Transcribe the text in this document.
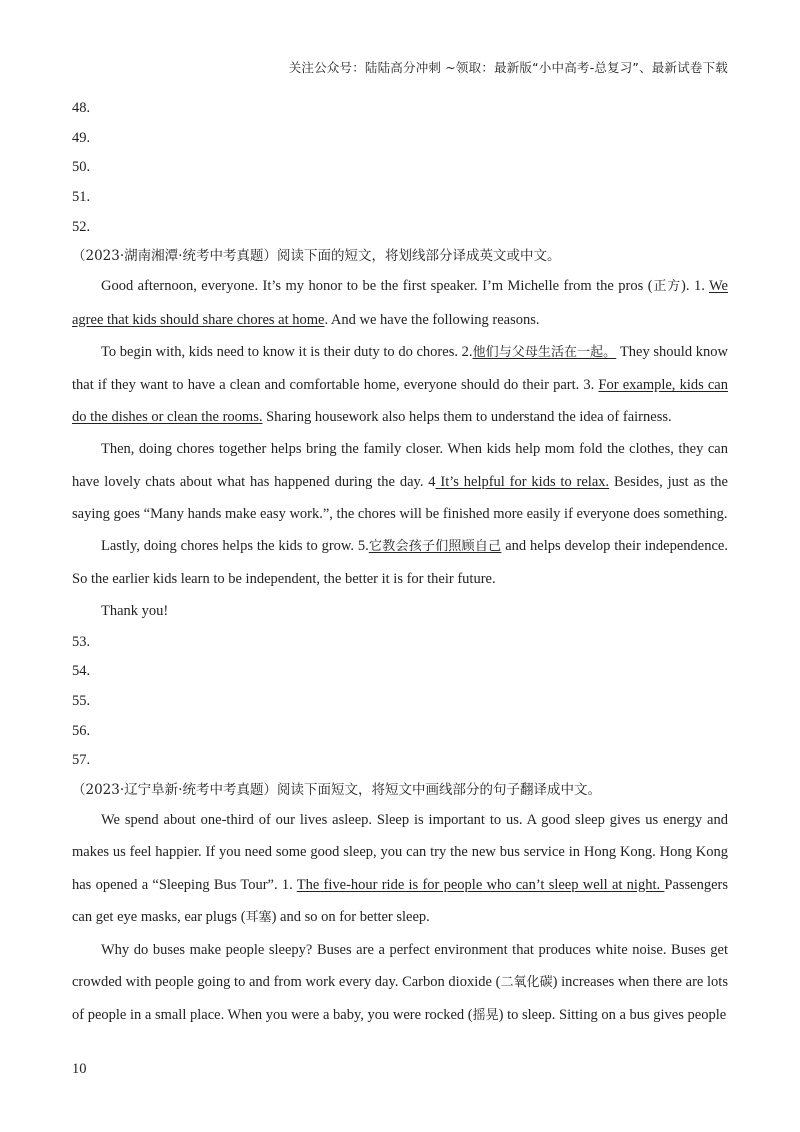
关注公众号：陆陆高分冲刺 ~领取：最新版“小中高考-总复习”、最新试卷下载
48.
49.
50.
51.
52.
（2023·湖南湘潭·统考中考真题）阅读下面的短文，将划线部分译成英文或中文。

Good afternoon, everyone. It’s my honor to be the first speaker. I’m Michelle from the pros (正方). 1. We agree that kids should share chores at home. And we have the following reasons.

To begin with, kids need to know it is their duty to do chores. 2.他们与父母生活在一起。 They should know that if they want to have a clean and comfortable home, everyone should do their part. 3. For example, kids can do the dishes or clean the rooms. Sharing housework also helps them to understand the idea of fairness.

Then, doing chores together helps bring the family closer. When kids help mom fold the clothes, they can have lovely chats about what has happened during the day. 4 It’s helpful for kids to relax. Besides, just as the saying goes “Many hands make easy work.”, the chores will be finished more easily if everyone does something.

Lastly, doing chores helps the kids to grow. 5.它教会孩子们照顾自己 and helps develop their independence. So the earlier kids learn to be independent, the better it is for their future.

Thank you!

53.
54.
55.
56.
57.
（2023·辽宁阜新·统考中考真题）阅读下面短文，将短文中画线部分的句子翻译成中文。

We spend about one-third of our lives asleep. Sleep is important to us. A good sleep gives us energy and makes us feel happier. If you need some good sleep, you can try the new bus service in Hong Kong. Hong Kong has opened a “Sleeping Bus Tour”. 1. The five-hour ride is for people who can’t sleep well at night. Passengers can get eye masks, ear plugs (耳塞) and so on for better sleep.

Why do buses make people sleepy? Buses are a perfect environment that produces white noise. Buses get crowded with people going to and from work every day. Carbon dioxide (二氧化碳) increases when there are lots of people in a small place. When you were a baby, you were rocked (摇晃) to sleep. Sitting on a bus gives people

10
